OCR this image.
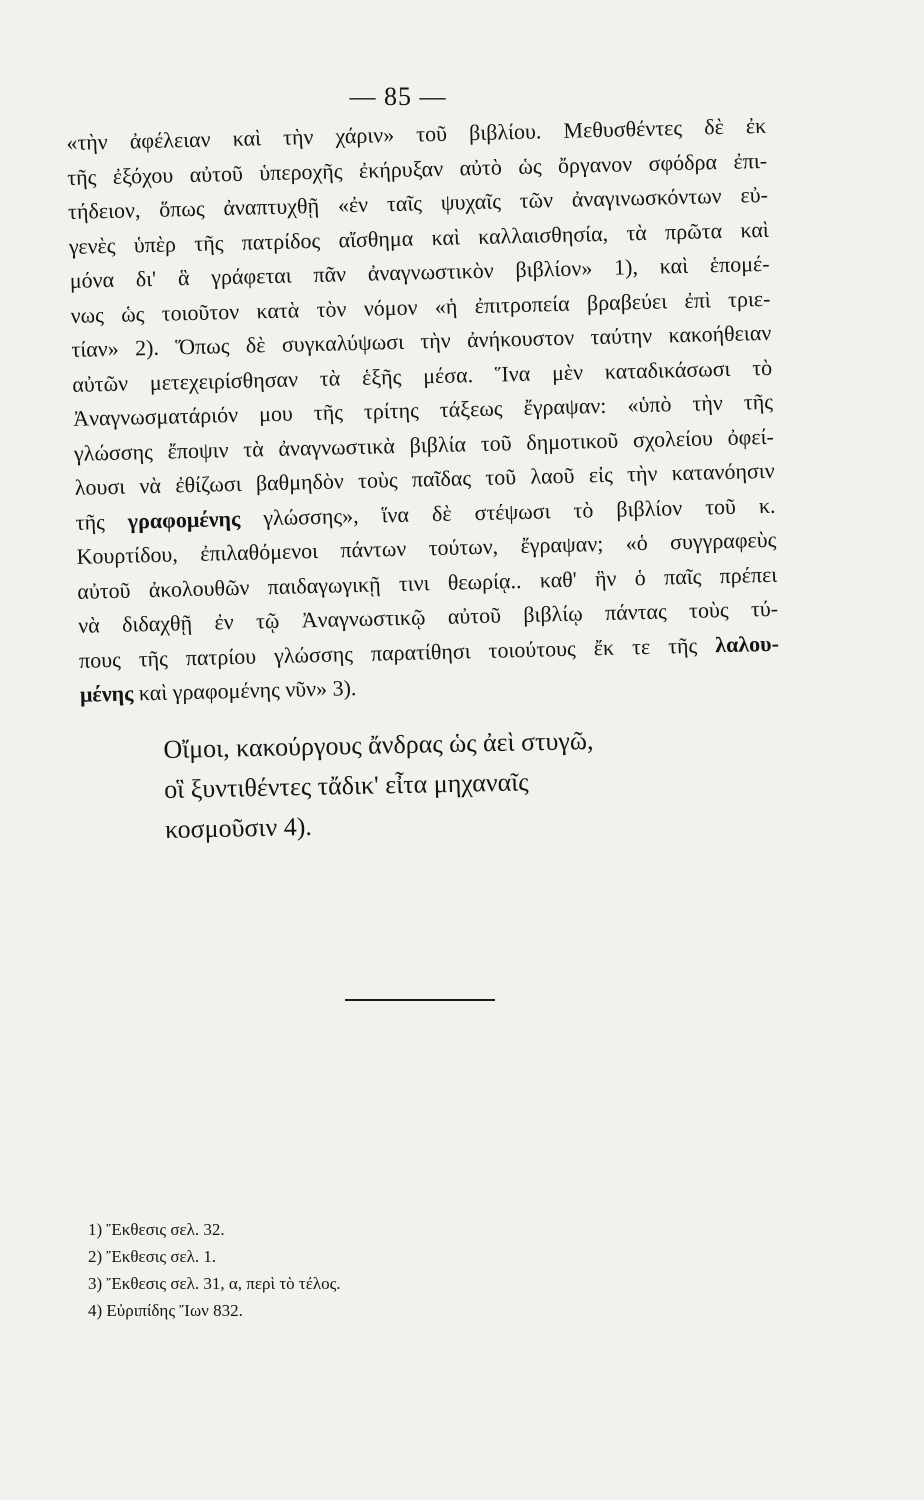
— 85 —
«τὴν ἀφέλειαν καὶ τὴν χάριν» τοῦ βιβλίου. Μεθυσθέντες δὲ ἐκ
τῆς ἐξόχου αὐτοῦ ὑπεροχῆς ἐκήρυξαν αὐτὸ ὡς ὄργανον σφόδρα ἐπι-
τήδειον, ὅπως ἀναπτυχθῇ «ἐν ταῖς ψυχαῖς τῶν ἀναγινωσκόντων εὐ-
γενὲς ὑπὲρ τῆς πατρίδος αἴσθημα καὶ καλλαισθησία, τὰ πρῶτα καὶ
μόνα δι' ἃ γράφεται πᾶν ἀναγνωστικὸν βιβλίον» 1), καὶ ἑπομέ-
νως ὡς τοιοῦτον κατὰ τὸν νόμον «ἡ ἐπιτροπεία βραβεύει ἐπὶ τριε-
τίαν» 2). Ὅπως δὲ συγκαλύψωσι τὴν ἀνήκουστον ταύτην κακοήθειαν
αὐτῶν μετεχειρίσθησαν τὰ ἑξῆς μέσα. Ἵνα μὲν καταδικάσωσι τὸ
Ἀναγνωσματάριόν μου τῆς τρίτης τάξεως ἔγραψαν: «ὑπὸ τὴν τῆς
γλώσσης ἔποψιν τὰ ἀναγνωστικὰ βιβλία τοῦ δημοτικοῦ σχολείου ὀφεί-
λουσι νὰ ἐθίζωσι βαθμηδὸν τοὺς παῖδας τοῦ λαοῦ εἰς τὴν κατανόησιν
τῆς γραφομένης γλώσσης», ἵνα δὲ στέψωσι τὸ βιβλίον τοῦ κ.
Κουρτίδου, ἐπιλαθόμενοι πάντων τούτων, ἔγραψαν; «ὁ συγγραφεὺς
αὐτοῦ ἀκολουθῶν παιδαγωγικῇ τινι θεωρίᾳ.. καθ' ἣν ὁ παῖς πρέπει
νὰ διδαχθῇ ἐν τῷ Ἀναγνωστικῷ αὐτοῦ βιβλίῳ πάντας τοὺς τύ-
πους τῆς πατρίου γλώσσης παρατίθησι τοιούτους ἔκ τε τῆς λαλου-
μένης καὶ γραφομένης νῦν» 3).
Οἴμοι, κακούργους ἄνδρας ὡς ἀεὶ στυγῶ,
οἳ ξυντιθέντες τἄδικ' εἶτα μηχαναῖς
κοσμοῦσιν 4).
1) Ἔκθεσις σελ. 32.
2) Ἔκθεσις σελ. 1.
3) Ἔκθεσις σελ. 31, α, περὶ τὸ τέλος.
4) Εὐριπίδης Ἴων 832.
